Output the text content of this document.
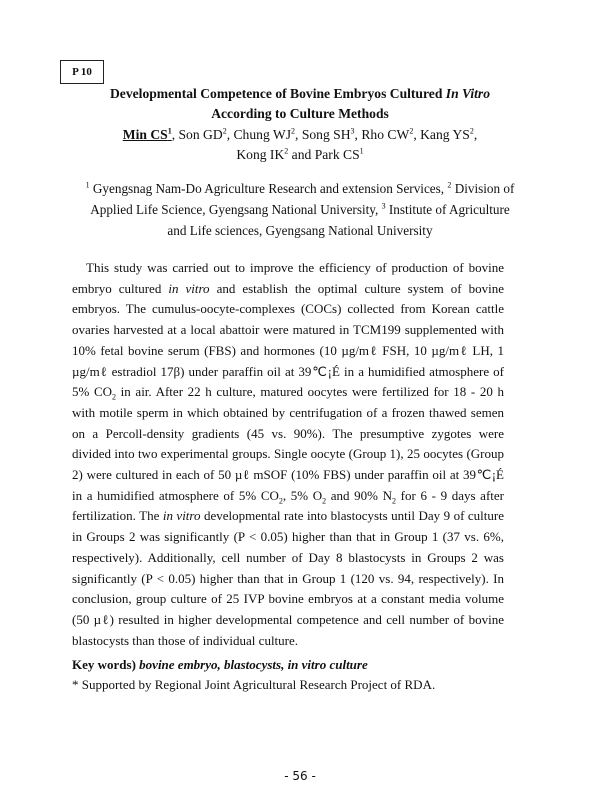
P 10
Developmental Competence of Bovine Embryos Cultured In Vitro
According to Culture Methods
Min $CS^1$, Son $GD^2$, Chung $WJ^2$, Song $SH^3$, Rho $CW^2$, Kang $YS^2$,
Kong $IK^2$ and Park $CS^1$
$^1$ Gyengsnag Nam-Do Agriculture Research and extension Services, $^2$ Division of
Applied Life Science, Gyengsang National University, $^3$ Institute of Agriculture
and Life sciences, Gyengsang National University

This study was carried out to improve the efficiency of production of bovine embryo cultured in vitro and establish the optimal culture system of bovine embryos. The cumulus-oocyte-complexes (COCs) collected from Korean cattle ovaries harvested at a local abattoir were matured in TCM199 supplemented with 10% fetal bovine serum (FBS) and hormones (10 µg/mℓ FSH, 10 µg/mℓ LH, 1 µg/mℓ estradiol 17β) under paraffin oil at 39℃¡É in a humidified atmosphere of 5% $CO_2$ in air. After 22 h culture, matured oocytes were fertilized for 18 - 20 h with motile sperm in which obtained by centrifugation of a frozen thawed semen on a Percoll-density gradients (45 vs. 90%). The presumptive zygotes were divided into two experimental groups. Single oocyte (Group 1), 25 oocytes (Group 2) were cultured in each of 50 µℓ mSOF (10% FBS) under paraffin oil at 39℃¡É in a humidified atmosphere of 5% $CO_2$, 5% $O_2$ and 90% $N_2$ for 6 - 9 days after fertilization. The in vitro developmental rate into blastocysts until Day 9 of culture in Groups 2 was significantly (P < 0.05) higher than that in Group 1 (37 vs. 6%, respectively). Additionally, cell number of Day 8 blastocysts in Groups 2 was significantly (P < 0.05) higher than that in Group 1 (120 vs. 94, respectively). In conclusion, group culture of 25 IVP bovine embryos at a constant media volume (50 µℓ) resulted in higher developmental competence and cell number of bovine blastocysts than those of individual culture.

Key words) bovine embryo, blastocysts, in vitro culture
* Supported by Regional Joint Agricultural Research Project of RDA.
- 56 -
